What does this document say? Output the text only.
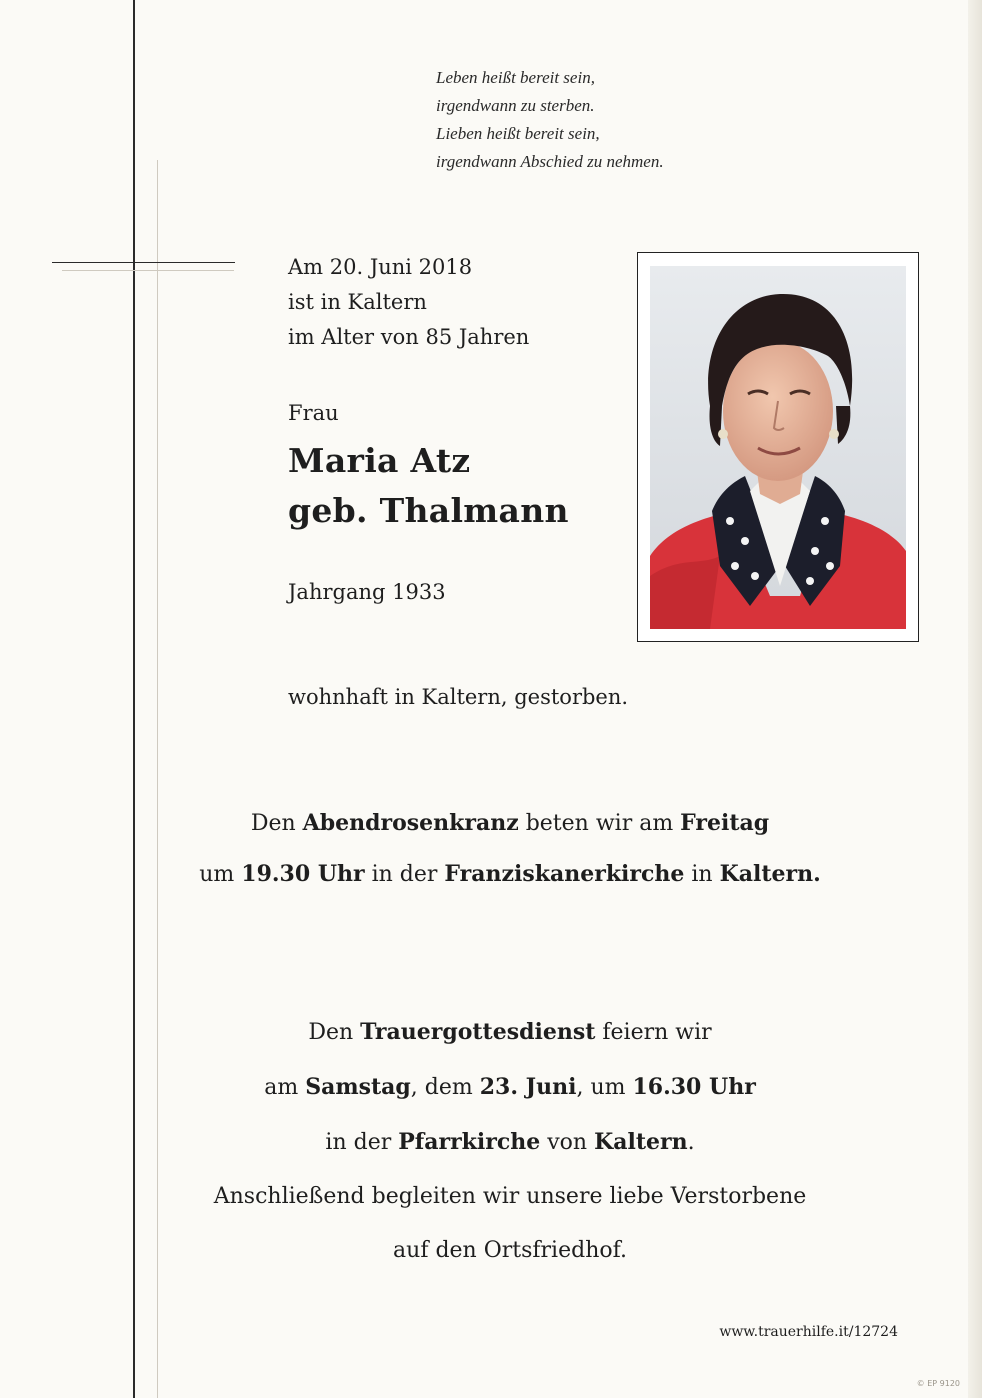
Leben heißt bereit sein,
irgendwann zu sterben.
Lieben heißt bereit sein,
irgendwann Abschied zu nehmen.
Am 20. Juni 2018
ist in Kaltern
im Alter von 85 Jahren
Frau
Maria Atz
geb. Thalmann
Jahrgang 1933
wohnhaft in Kaltern, gestorben.
Den Abendrosenkranz beten wir am Freitag
um 19.30 Uhr in der Franziskanerkirche in Kaltern.
Den Trauergottesdienst feiern wir
am Samstag, dem 23. Juni, um 16.30 Uhr
in der Pfarrkirche von Kaltern.
Anschließend begleiten wir unsere liebe Verstorbene
auf den Ortsfriedhof.
www.trauerhilfe.it/12724
© EP 9120
